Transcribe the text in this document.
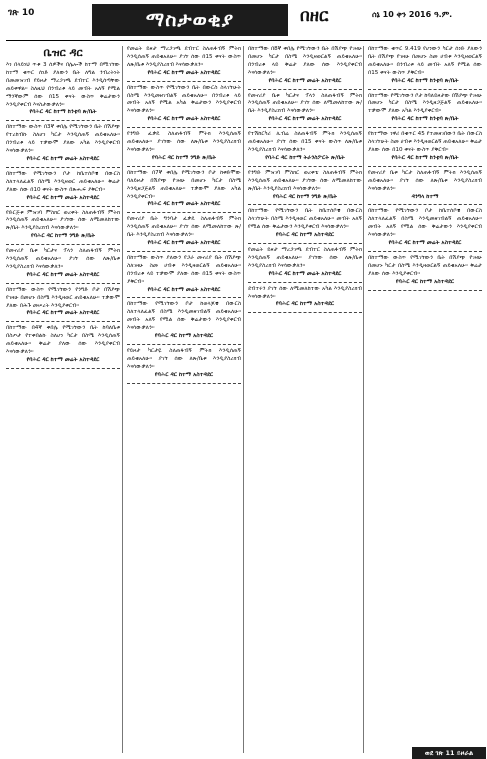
ገጽ 10	ማስታወቂያ	በዘር	ሰኔ 10 ቀን 2016 ዓ.ም.
ቤዝር ዳር

እነ በላይነህ ጥቱ 3 ሰዎችና በሌሎች ከተማ በሚገኘው ከተማ ቁጥር ሰነድ ያለውን ቤት ለግል ንብረትነት በመመዝገብ የይዞታ ማረጋገጫ ደብተር እንዲሰጣቸው ጠይቀዋል፡፡ ስለዚህ በንብረቱ ላይ መብት አለኝ የሚል ማንኛውም ሰው በ15 ቀናት ውስጥ ቅሬታውን እንዲያቀርብ እናስታውቃለን፡፡

የባሕር ዳር ከተማ ከንቲባ ጽ/ቤት

በከተማው ውስጥ በ3ኛ ቀበሌ የሚገኘውን ቤት በሽያጭ የተረከብኩ ስለሆነ ካርታ እንዲሰጠኝ ጠይቄአለሁ፡፡ በንብረቱ ላይ ተቃውሞ ያለው አካል እንዲያቀርብ እናሳውቃለን፡፡

የባሕር ዳር ከተማ መሬት አስተዳደር

በከተማው የሚገኘውን ቦታ ከቤተሰቦቼ በውርስ ስለተላለፈልኝ በስሜ እንዲዛወር ጠይቄአለሁ፡፡ ቅሬታ ያለው ሰው በ10 ቀናት ውስጥ በጽሑፍ ያቅርብ፡፡

የባሕር ዳር ከተማ መሬት አስተዳደር

የድርጅቱ ምዝገባ ምስክር ወረቀት ስለጠፋብኝ ምትክ እንዲሰጠኝ ጠይቄአለሁ፡፡ ያገኘው ሰው ለሚመለከተው ጽ/ቤት እንዲያስረክብ እናሳውቃለን፡፡

የባሕር ዳር ከተማ ንግድ ጽ/ቤት

የመኖሪያ ቤቱ ካርታና ፕላን ስለጠፋብኝ ምትክ እንዲሰጠኝ ጠይቄአለሁ፡፡ ያገኘ ሰው ለጽ/ቤቱ እንዲያስረክብ እናሳውቃለን፡፡

የባሕር ዳር ከተማ መሬት አስተዳደር

በከተማው ውስጥ የሚገኘውን የንግድ ቦታ በሽያጭ የገዛሁ በመሆኑ በስሜ እንዲዛወር ጠይቄአለሁ፡፡ ተቃውሞ ያለው በሕጉ መሠረት እንዲያቀርብ፡፡

የባሕር ዳር ከተማ መሬት አስተዳደር

በከተማው በ4ኛ ቀበሌ የሚገኘውን ቤት ከባለቤቱ በስጦታ የተቀበልኩ ስለሆነ ካርታ በስሜ እንዲሰጠኝ ጠይቄአለሁ፡፡ ቅሬታ ያለው ሰው እንዲያቀርብ እናሳውቃለን፡፡

የባሕር ዳር ከተማ መሬት አስተዳደር

የመሬት ይዞታ ማረጋገጫ ደብተር ስለጠፋብኝ ምትክ እንዲሰጠኝ ጠይቄአለሁ፡፡ ያገኘ ሰው በ15 ቀናት ውስጥ ለጽ/ቤቱ እንዲያስረክብ እናሳውቃለን፡፡

የባሕር ዳር ከተማ መሬት አስተዳደር

በከተማው ውስጥ የሚገኘውን ቤት በውርስ ስላገኘሁት በስሜ እንዲመዘገብልኝ ጠይቄአለሁ፡፡ በንብረቱ ላይ መብት አለኝ የሚል አካል ቅሬታውን እንዲያቀርብ እናሳውቃለን፡፡

የባሕር ዳር ከተማ መሬት አስተዳደር

የንግድ ፈቃዴ ስለጠፋብኝ ምትክ እንዲሰጠኝ ጠይቄአለሁ፡፡ ያገኘው ሰው ለጽ/ቤቱ እንዲያስረክብ እናሳውቃለን፡፡

የባሕር ዳር ከተማ ንግድ ጽ/ቤት

በከተማው በ7ኛ ቀበሌ የሚገኘውን ቦታ ከቀድሞው ባለይዞታ በሽያጭ የገዛሁ በመሆኑ ካርታ በስሜ እንዲዘጋጅልኝ ጠይቄአለሁ፡፡ ተቃውሞ ያለው አካል እንዲያቀርብ፡፡

የባሕር ዳር ከተማ መሬት አስተዳደር

የመኖሪያ ቤት ግንባታ ፈቃዴ ስለጠፋብኝ ምትክ እንዲሰጠኝ ጠይቄአለሁ፡፡ ያገኘ ሰው ለሚመለከተው ጽ/ቤት እንዲያስረክብ እናሳውቃለን፡፡

የባሕር ዳር ከተማ መሬት አስተዳደር

በከተማው ውስጥ ያለውን የጋራ መኖሪያ ቤት በሽያጭ ስለገዛሁ ስመ ሀብቱ እንዲዛወርልኝ ጠይቄአለሁ፡፡ በንብረቱ ላይ ተቃውሞ ያለው ሰው በ15 ቀናት ውስጥ ያቅርብ፡፡

የባሕር ዳር ከተማ መሬት አስተዳደር

በከተማው የሚገኘውን ቦታ ከወላጆቼ በውርስ ስለተላለፈልኝ በስሜ እንዲመዘገብልኝ ጠይቄአለሁ፡፡ መብት አለኝ የሚል ሰው ቅሬታውን እንዲያቀርብ እናሳውቃለን፡፡

የባሕር ዳር ከተማ አስተዳደር

የይዞታ ካርታዬ ስለጠፋብኝ ምትክ እንዲሰጠኝ ጠይቄአለሁ፡፡ ያገኘ ሰው ለጽ/ቤቱ እንዲያስረክብ እናሳውቃለን፡፡

የባሕር ዳር ከተማ አስተዳደር

በከተማው በ8ኛ ቀበሌ የሚገኘውን ቤት በሽያጭ የገዛሁ በመሆኑ ካርታ በስሜ እንዲዛወርልኝ ጠይቄአለሁ፡፡ በንብረቱ ላይ ቅሬታ ያለው ሰው እንዲያቀርብ እናሳውቃለን፡፡

የባሕር ዳር ከተማ መሬት አስተዳደር

የመኖሪያ ቤቱ ካርታና ፕላን ስለጠፋብኝ ምትክ እንዲሰጠኝ ጠይቄአለሁ፡፡ ያገኘ ሰው ለሚመለከተው ጽ/ቤት እንዲያስረክብ እናሳውቃለን፡፡

የባሕር ዳር ከተማ መሬት አስተዳደር

የተሽከርካሪ ሊብሬ ስለጠፋብኝ ምትክ እንዲሰጠኝ ጠይቄአለሁ፡፡ ያገኘ ሰው በ15 ቀናት ውስጥ ለጽ/ቤቱ እንዲያስረክብ እናሳውቃለን፡፡

የባሕር ዳር ከተማ ትራንስፖርት ጽ/ቤት

የንግድ ምዝገባ ምስክር ወረቀቴ ስለጠፋብኝ ምትክ እንዲሰጠኝ ጠይቄአለሁ፡፡ ያገኘው ሰው ለሚመለከተው ጽ/ቤት እንዲያስረክብ እናሳውቃለን፡፡

የባሕር ዳር ከተማ ንግድ ጽ/ቤት

በከተማው የሚገኘውን ቤት ከቤተሰቦቼ በውርስ ስላገኘሁት በስሜ እንዲዛወር ጠይቄአለሁ፡፡ መብት አለኝ የሚል ሰው ቅሬታውን እንዲያቀርብ እናሳውቃለን፡፡

የባሕር ዳር ከተማ አስተዳደር

የመሬት ይዞታ ማረጋገጫ ደብተር ስለጠፋብኝ ምትክ እንዲሰጠኝ ጠይቄአለሁ፡፡ ያገኘው ሰው ለጽ/ቤቱ እንዲያስረክብ እናሳውቃለን፡፡

የባሕር ዳር ከተማ መሬት አስተዳደር

ደብተሩን ያገኘ ሰው ለሚመለከተው አካል እንዲያስረክብ እናሳውቃለን፡፡

የባሕር ዳር ከተማ አስተዳደር

በከተማው ቁጥር 9.419 የሆነውን ካርታ ሰነድ ያለውን ቤት በሽያጭ የገዛሁ በመሆኑ ስመ ሀብቱ እንዲዛወርልኝ ጠይቄአለሁ፡፡ በንብረቱ ላይ መብት አለኝ የሚል ሰው በ15 ቀናት ውስጥ ያቅርብ፡፡

የባሕር ዳር ከተማ ከንቲባ ጽ/ቤት

በከተማው የሚገኘውን ቦታ ከባለይዞታው በሽያጭ የገዛሁ በመሆኑ ካርታ በስሜ እንዲዘጋጅልኝ ጠይቄአለሁ፡፡ ተቃውሞ ያለው አካል እንዲያቀርብ፡፡

የባሕር ዳር ከተማ ከንቲባ ጽ/ቤት

የከተማው ነዋሪ በቁጥር 45 የተመዘገበውን ቤት በውርስ ስላገኘሁት ስመ ሀብቱ እንዲዛወርልኝ ጠይቄአለሁ፡፡ ቅሬታ ያለው ሰው በ10 ቀናት ውስጥ ያቅርብ፡፡

የባሕር ዳር ከተማ ከንቲባ ጽ/ቤት

የመኖሪያ ቤቱ ካርታ ስለጠፋብኝ ምትክ እንዲሰጠኝ ጠይቄአለሁ፡፡ ያገኘ ሰው ለጽ/ቤቱ እንዲያስረክብ እናሳውቃለን፡፡

ዳንግላ ከተማ

በከተማው የሚገኘውን ቦታ ከቤተሰቦቼ በውርስ ስለተላለፈልኝ በስሜ እንዲመዘገብልኝ ጠይቄአለሁ፡፡ መብት አለኝ የሚል ሰው ቅሬታውን እንዲያቀርብ እናሳውቃለን፡፡

የባሕር ዳር ከተማ መሬት አስተዳደር

በከተማው ውስጥ የሚገኘውን ቤት በሽያጭ የገዛሁ በመሆኑ ካርታ በስሜ እንዲዛወርልኝ ጠይቄአለሁ፡፡ ቅሬታ ያለው ሰው እንዲያቀርብ፡፡

የባሕር ዳር ከተማ አስተዳደር

ወደ ገጽ 11 ይዞራል
